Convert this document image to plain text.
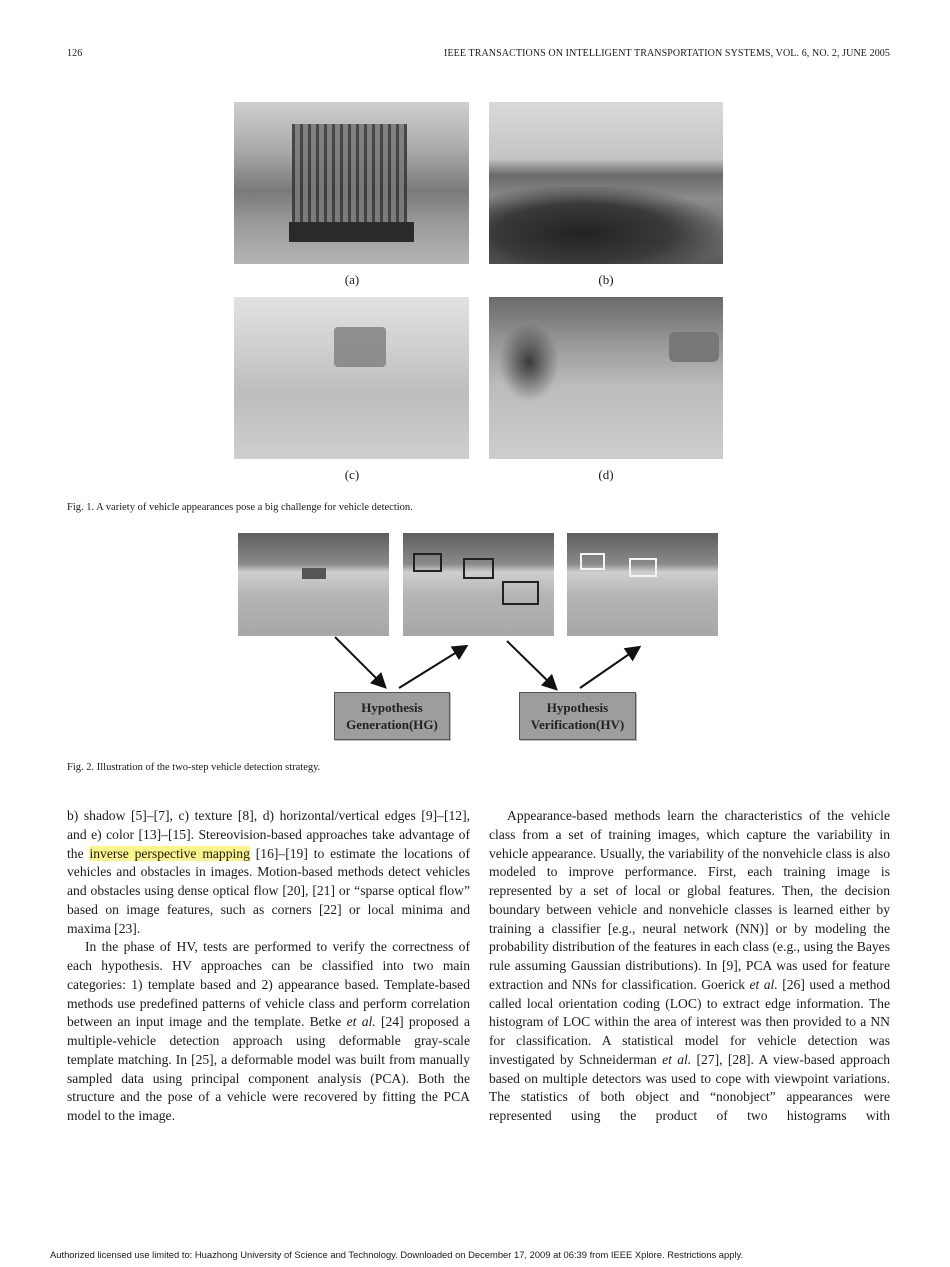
126	IEEE TRANSACTIONS ON INTELLIGENT TRANSPORTATION SYSTEMS, VOL. 6, NO. 2, JUNE 2005
(a)	(b)
(c)	(d)
Fig. 1. A variety of vehicle appearances pose a big challenge for vehicle detection.
Hypothesis
Generation(HG)
Hypothesis
Verification(HV)
Fig. 2. Illustration of the two-step vehicle detection strategy.

b) shadow [5]–[7], c) texture [8], d) horizontal/vertical edges [9]–[12], and e) color [13]–[15]. Stereovision-based approaches take advantage of the inverse perspective mapping [16]–[19] to estimate the locations of vehicles and obstacles in images. Motion-based methods detect vehicles and obstacles using dense optical flow [20], [21] or “sparse optical flow” based on image features, such as corners [22] or local minima and maxima [23].

In the phase of HV, tests are performed to verify the correctness of each hypothesis. HV approaches can be classified into two main categories: 1) template based and 2) appearance based. Template-based methods use predefined patterns of vehicle class and perform correlation between an input image and the template. Betke et al. [24] proposed a multiple-vehicle detection approach using deformable gray-scale template matching. In [25], a deformable model was built from manually sampled data using principal component analysis (PCA). Both the structure and the pose of a vehicle were recovered by fitting the PCA model to the image.

Appearance-based methods learn the characteristics of the vehicle class from a set of training images, which capture the variability in vehicle appearance. Usually, the variability of the nonvehicle class is also modeled to improve performance. First, each training image is represented by a set of local or global features. Then, the decision boundary between vehicle and nonvehicle classes is learned either by training a classifier [e.g., neural network (NN)] or by modeling the probability distribution of the features in each class (e.g., using the Bayes rule assuming Gaussian distributions). In [9], PCA was used for feature extraction and NNs for classification. Goerick et al. [26] used a method called local orientation coding (LOC) to extract edge information. The histogram of LOC within the area of interest was then provided to a NN for classification. A statistical model for vehicle detection was investigated by Schneiderman et al. [27], [28]. A view-based approach based on multiple detectors was used to cope with viewpoint variations. The statistics of both object and “nonobject” appearances were represented using the product of two histograms with

Authorized licensed use limited to: Huazhong University of Science and Technology. Downloaded on December 17, 2009 at 06:39 from IEEE Xplore. Restrictions apply.
